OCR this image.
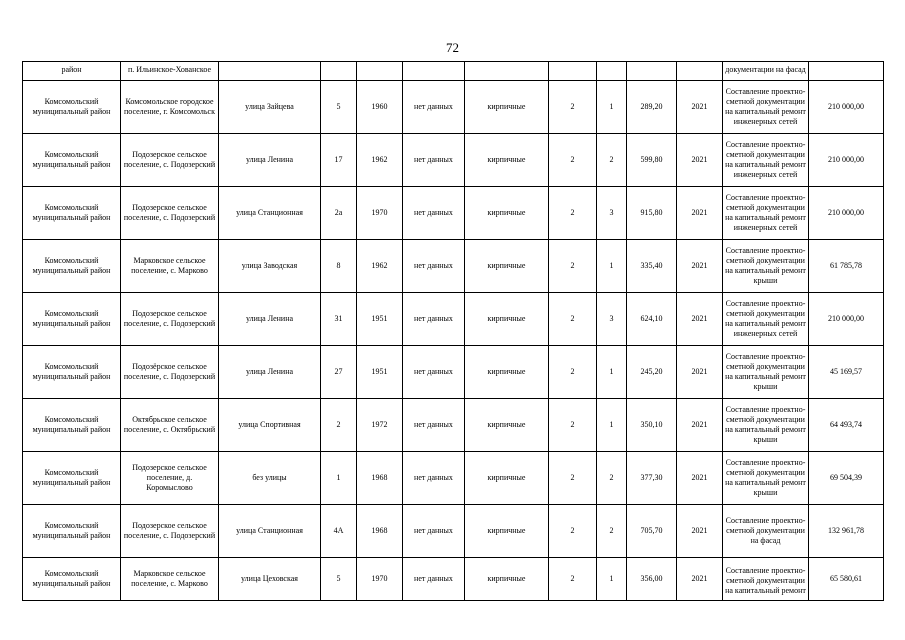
72
район	п. Ильинское-Хованское										документации на фасад	

Комсомольский муниципальный район	Комсомольское городское поселение, г. Комсомольск	улица Зайцева	5	1960	нет данных	кирпичные	2	1	289,20	2021	Составление проектно-сметной документации на капитальный ремонт инженерных сетей	210 000,00
Комсомольский муниципальный район	Подозерское сельское поселение, с. Подозерский	улица Ленина	17	1962	нет данных	кирпичные	2	2	599,80	2021	Составление проектно-сметной документации на капитальный ремонт инженерных сетей	210 000,00
Комсомольский муниципальный район	Подозерское сельское поселение, с. Подозерский	улица Станционная	2а	1970	нет данных	кирпичные	2	3	915,80	2021	Составление проектно-сметной документации на капитальный ремонт инженерных сетей	210 000,00
Комсомольский муниципальный район	Марковское сельское поселение, с. Марково	улица Заводская	8	1962	нет данных	кирпичные	2	1	335,40	2021	Составление проектно-сметной документации на капитальный ремонт крыши	61 785,78
Комсомольский муниципальный район	Подозерское сельское поселение, с. Подозерский	улица Ленина	31	1951	нет данных	кирпичные	2	3	624,10	2021	Составление проектно-сметной документации на капитальный ремонт инженерных сетей	210 000,00
Комсомольский муниципальный район	Подозёрское сельское поселение, с. Подозерский	улица Ленина	27	1951	нет данных	кирпичные	2	1	245,20	2021	Составление проектно-сметной документации на капитальный ремонт крыши	45 169,57
Комсомольский муниципальный район	Октябрьское сельское поселение, с. Октябрьский	улица Спортивная	2	1972	нет данных	кирпичные	2	1	350,10	2021	Составление проектно-сметной документации на капитальный ремонт крыши	64 493,74
Комсомольский муниципальный район	Подозерское сельское поселение, д. Коромыслово	без улицы	1	1968	нет данных	кирпичные	2	2	377,30	2021	Составление проектно-сметной документации на капитальный ремонт крыши	69 504,39
Комсомольский муниципальный район	Подозерское сельское поселение, с. Подозерский	улица Станционная	4А	1968	нет данных	кирпичные	2	2	705,70	2021	Составление проектно-сметной документации на фасад	132 961,78
Комсомольский муниципальный район	Марковское сельское поселение, с. Марково	улица Цеховская	5	1970	нет данных	кирпичные	2	1	356,00	2021	Составление проектно-сметной документации на капитальный ремонт	65 580,61
